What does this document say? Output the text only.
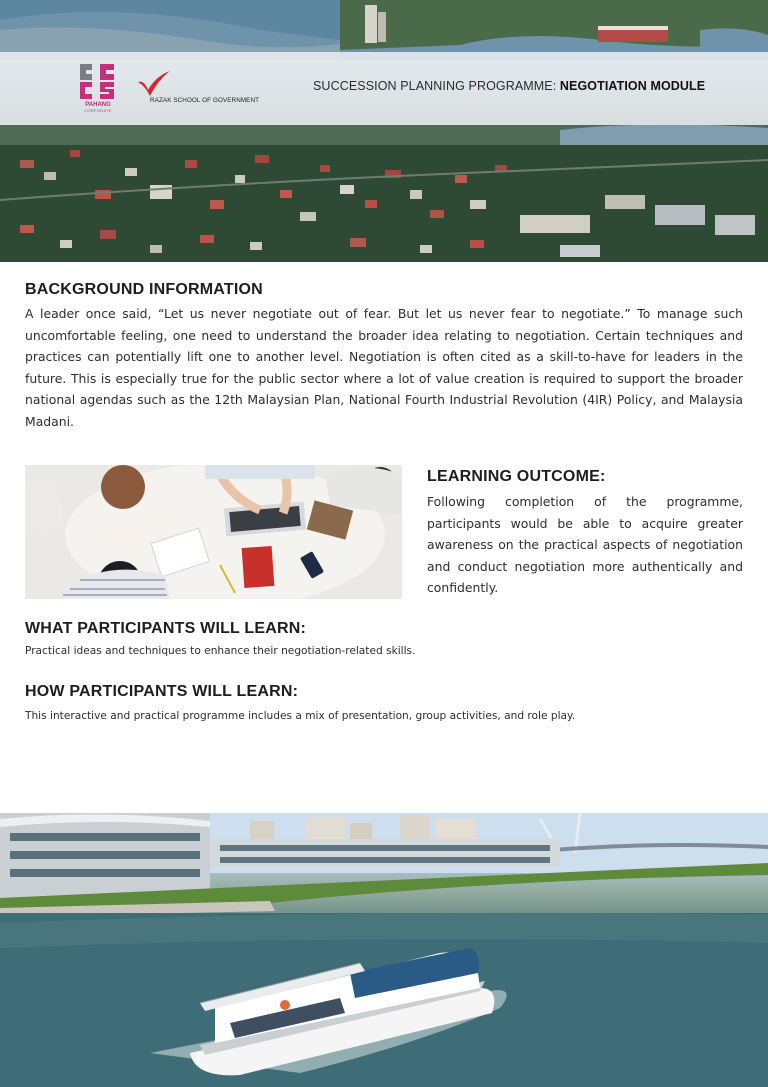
PAHANG
CORPORATE
RAZAK SCHOOL OF GOVERNMENT
SUCCESSION PLANNING PROGRAMME: NEGOTIATION MODULE
BACKGROUND INFORMATION

A leader once said, “Let us never negotiate out of fear. But let us never fear to negotiate.” To manage such uncomfortable feeling, one need to understand the broader idea relating to negotiation. Certain techniques and practices can potentially lift one to another level. Negotiation is often cited as a skill-to-have for leaders in the future. This is especially true for the public sector where a lot of value creation is required to support the broader national agendas such as the 12th Malaysian Plan, National Fourth Industrial Revolution (4IR) Policy, and Malaysia Madani.

LEARNING OUTCOME:

Following completion of the programme, participants would be able to acquire greater awareness on the practical aspects of negotiation and conduct negotiation more authentically and confidently.

WHAT PARTICIPANTS WILL LEARN:

Practical ideas and techniques to enhance their negotiation-related skills.

HOW PARTICIPANTS WILL LEARN:

This interactive and practical programme includes a mix of presentation, group activities, and role play.
